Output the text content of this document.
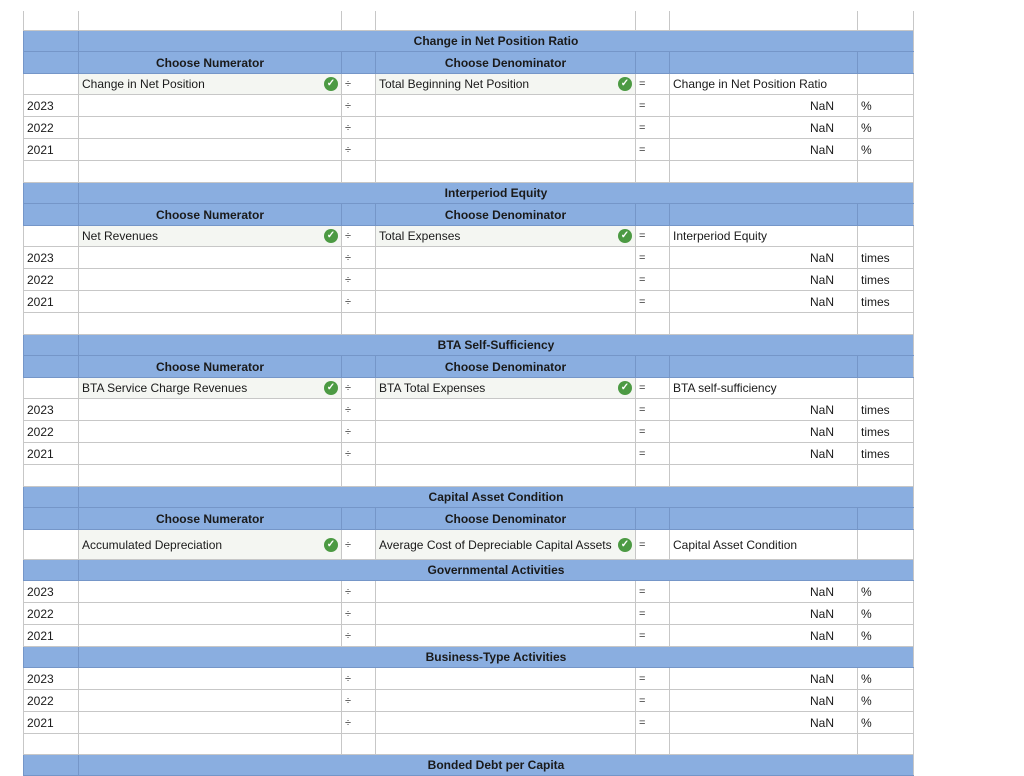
Change in Net Position Ratio
Choose Numerator	Choose Denominator
Change in Net Position	✓ ÷ Total Beginning Net Position	✓ = Change in Net Position Ratio
2023	÷	=	NaN %
2022	÷	=	NaN %
2021	÷	=	NaN %
Interperiod Equity
Choose Numerator	Choose Denominator
Net Revenues	✓ ÷ Total Expenses	✓ = Interperiod Equity
2023	÷	=	NaN times
2022	÷	=	NaN times
2021	÷	=	NaN times
BTA Self-Sufficiency
Choose Numerator	Choose Denominator
BTA Service Charge Revenues	✓ ÷ BTA Total Expenses	✓ = BTA self-sufficiency
2023	÷	=	NaN times
2022	÷	=	NaN times
2021	÷	=	NaN times
Capital Asset Condition
Choose Numerator	Choose Denominator
Accumulated Depreciation	✓ ÷ Average Cost of Depreciable Capital Assets ✓ = Capital Asset Condition
Governmental Activities
2023	÷	=	NaN %
2022	÷	=	NaN %
2021	÷	=	NaN %
Business-Type Activities
2023	÷	=	NaN %
2022	÷	=	NaN %
2021	÷	=	NaN %
Bonded Debt per Capita
